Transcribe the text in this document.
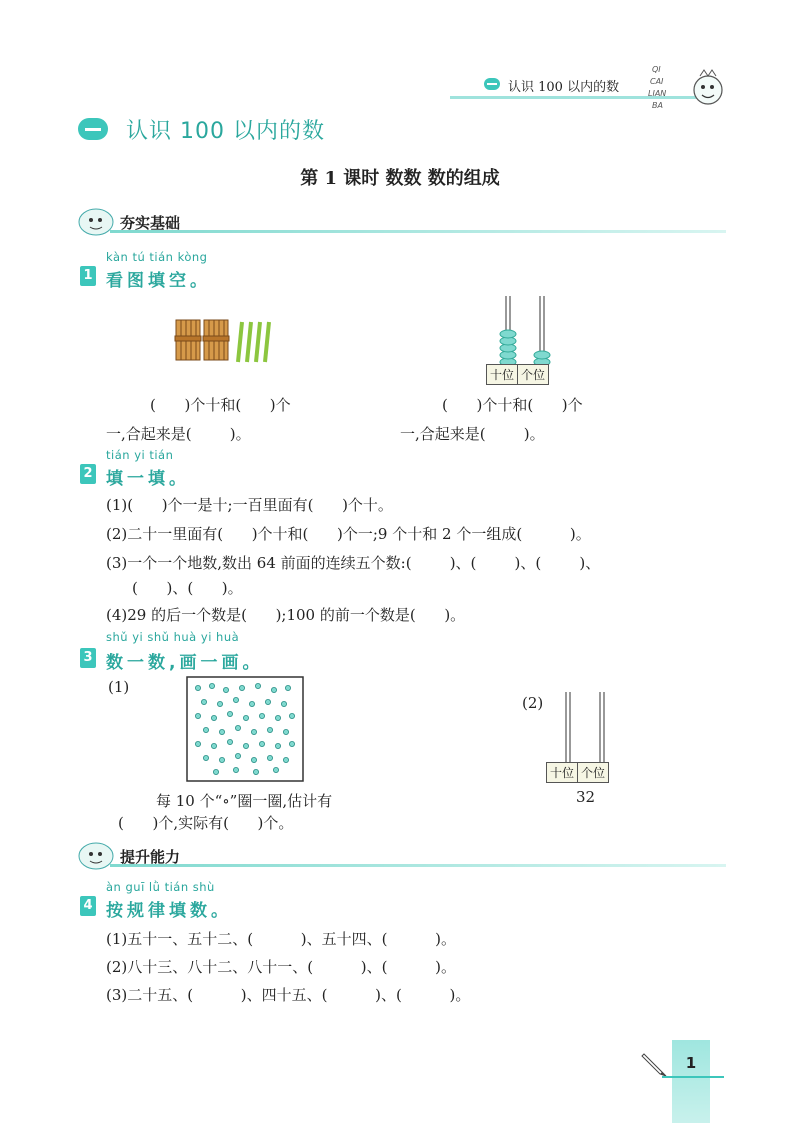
认识 100 以内的数
QI
CAI
LIAN
BA
认识 100 以内的数
第 1 课时 数数 数的组成
夯实基础
kàn tú tián kòng
1 看图填空。
十位 个位
(      )个十和(      )个
一,合起来是(        )。
(      )个十和(      )个
一,合起来是(        )。
tián yi tián
2 填一填。
(1)(      )个一是十;一百里面有(      )个十。
(2)二十一里面有(      )个十和(      )个一;9 个十和 2 个一组成(          )。
(3)一个一个地数,数出 64 前面的连续五个数:(        )、(        )、(        )、
(      )、(      )。
(4)29 的后一个数是(      );100 的前一个数是(      )。
shǔ yi shǔ huà yi huà
3 数一数,画一画。
(1)
每 10 个“∘”圈一圈,估计有
(      )个,实际有(      )个。
(2)
十位 个位
32
提升能力
àn guī lǜ tián shù
4 按规律填数。
(1)五十一、五十二、(          )、五十四、(          )。
(2)八十三、八十二、八十一、(          )、(          )。
(3)二十五、(          )、四十五、(          )、(          )。
1
